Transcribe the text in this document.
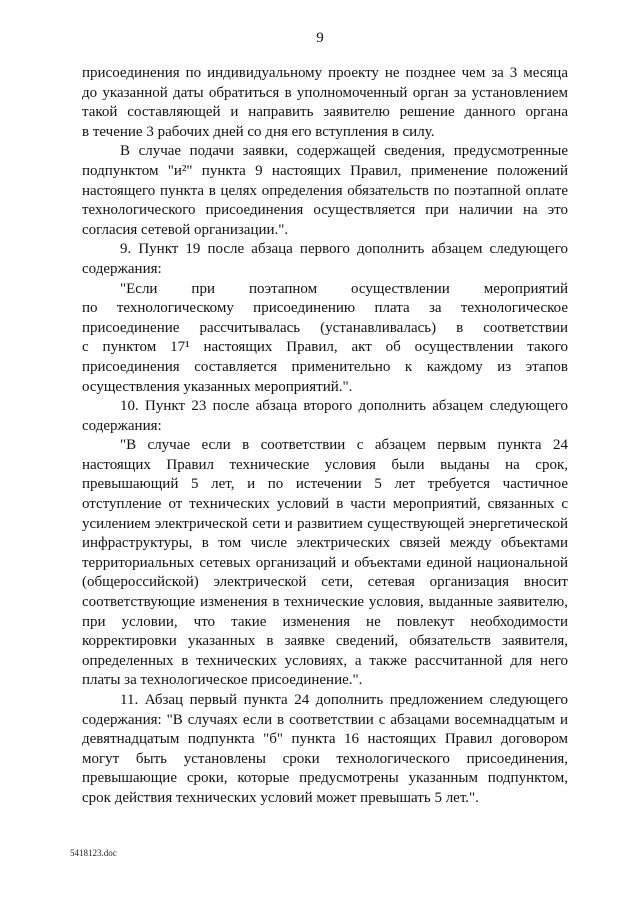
9
присоединения по индивидуальному проекту не позднее чем за 3 месяца
до указанной даты обратиться в уполномоченный орган за установлением
такой составляющей и направить заявителю решение данного органа
в течение 3 рабочих дней со дня его вступления в силу.
В случае подачи заявки, содержащей сведения, предусмотренные
подпунктом "и²" пункта 9 настоящих Правил, применение положений
настоящего пункта в целях определения обязательств по поэтапной оплате
технологического присоединения осуществляется при наличии на это
согласия сетевой организации.".
9. Пункт 19 после абзаца первого дополнить абзацем следующего
содержания:
"Если при поэтапном осуществлении мероприятий
по технологическому присоединению плата за технологическое
присоединение рассчитывалась (устанавливалась) в соответствии
с пунктом 17¹ настоящих Правил, акт об осуществлении такого
присоединения составляется применительно к каждому из этапов
осуществления указанных мероприятий.".
10. Пункт 23 после абзаца второго дополнить абзацем следующего
содержания:
"В случае если в соответствии с абзацем первым пункта 24
настоящих Правил технические условия были выданы на срок,
превышающий 5 лет, и по истечении 5 лет требуется частичное
отступление от технических условий в части мероприятий, связанных с
усилением электрической сети и развитием существующей энергетической
инфраструктуры, в том числе электрических связей между объектами
территориальных сетевых организаций и объектами единой национальной
(общероссийской) электрической сети, сетевая организация вносит
соответствующие изменения в технические условия, выданные заявителю,
при условии, что такие изменения не повлекут необходимости
корректировки указанных в заявке сведений, обязательств заявителя,
определенных в технических условиях, а также рассчитанной для него
платы за технологическое присоединение.".
11. Абзац первый пункта 24 дополнить предложением следующего
содержания: "В случаях если в соответствии с абзацами восемнадцатым и
девятнадцатым подпункта "б" пункта 16 настоящих Правил договором
могут быть установлены сроки технологического присоединения,
превышающие сроки, которые предусмотрены указанным подпунктом,
срок действия технических условий может превышать 5 лет.".
5418123.doc
